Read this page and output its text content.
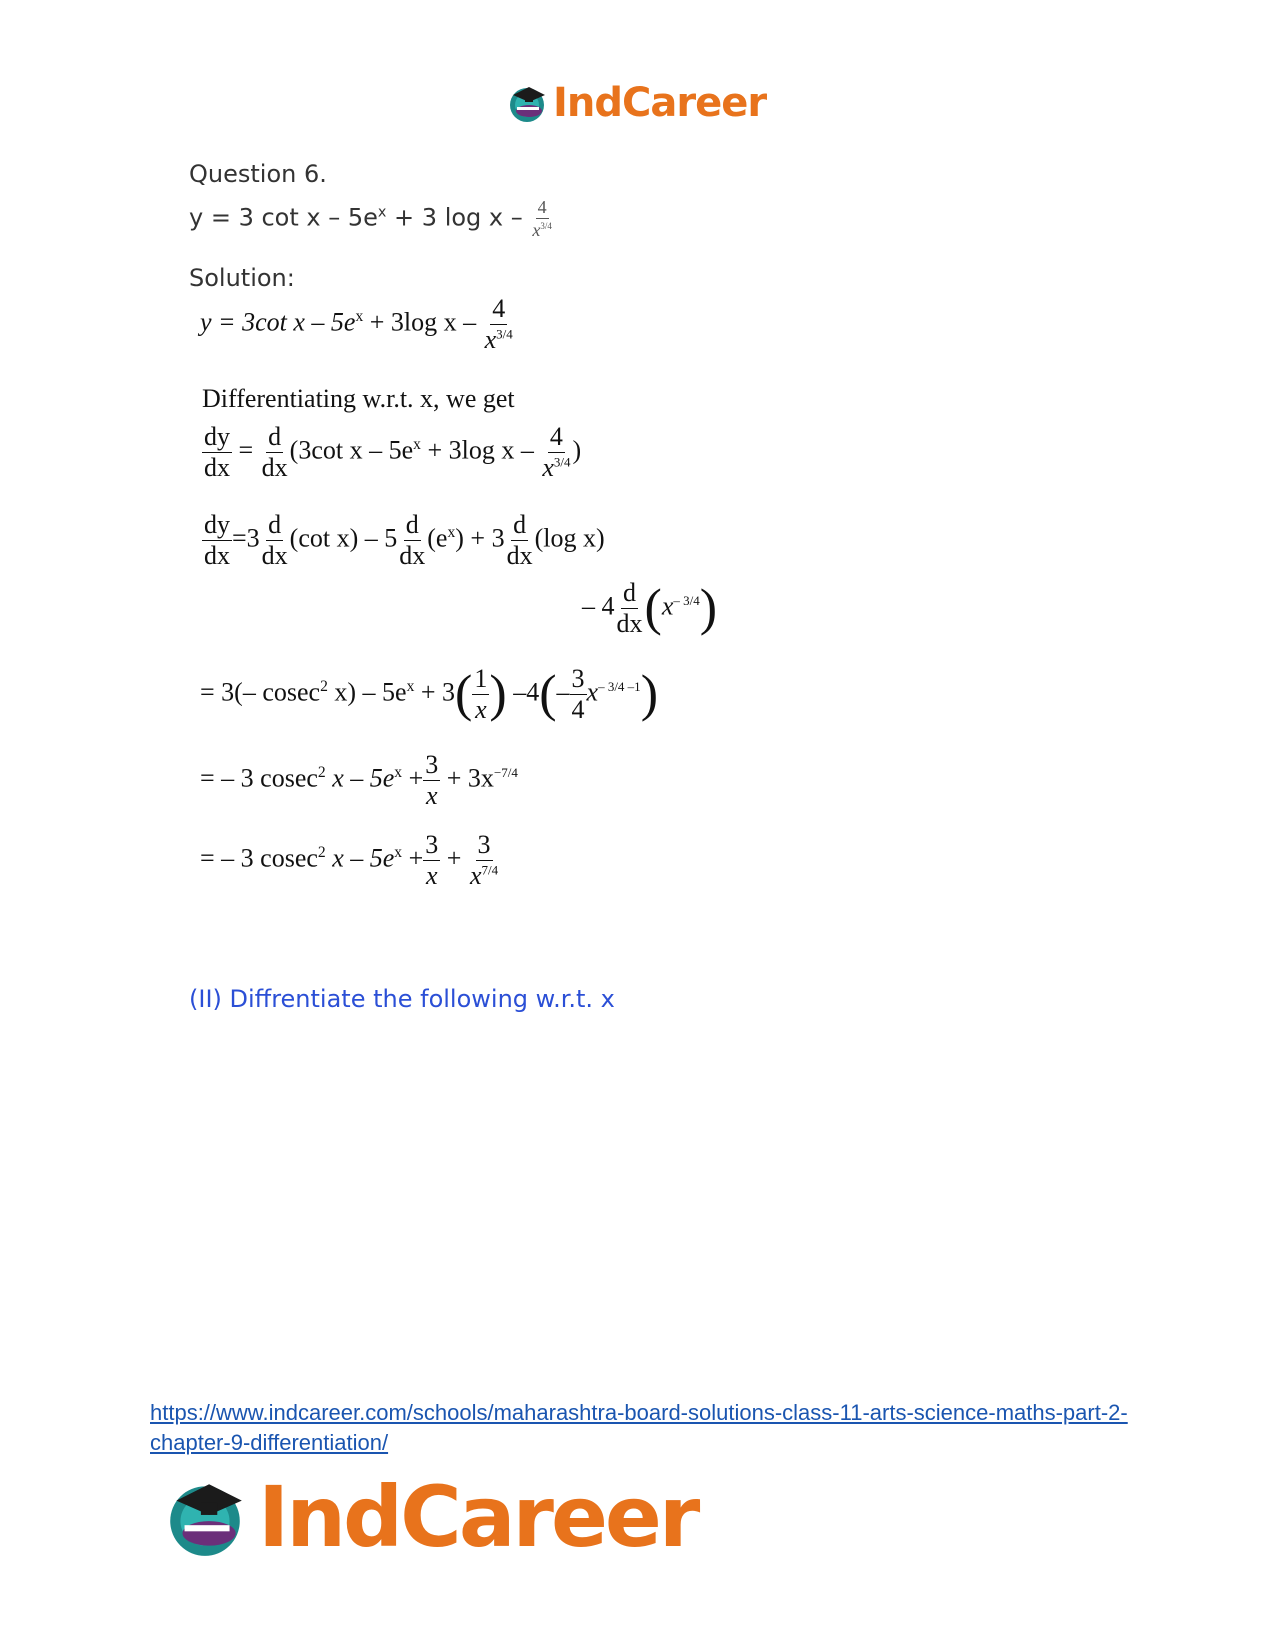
IndCareer
Question 6.
y = 3 $\cot x - 5e^x + 3$ log x – $\frac{4}{x^{3/4}}$
Solution:
y = 3cot $x - 5e^x + 3\log$ x – $\frac{4}{x^{3/4}}$
Differentiating w.r.t. x, we get
$\frac{dy}{dx} = \frac{d}{dx} (3\cot$ $x - 5e^x + 3\log$ x – $\frac{4}{x^{3/4}}$ )
$\frac{dy}{dx} =3 \frac{d}{dx} (\cot$ $x) - 5 \frac{d}{dx} (e^x) + 3 \frac{d}{dx} (\log$ x)
– $4 \frac{d}{dx} (x^{- 3/4})$
= 3(– cosec$^2$ $x) - 5e^x + 3( \frac{1}{x}$ ) $-4(- \frac{3}{4} x^{- 3/4 -1})$
= – 3 cosec$^2$ $x - 5e^x + \frac{3}{x} + 3x^{-7/4}$
= – 3 cosec$^2$ $x - 5e^x + \frac{3}{x} + \frac{3}{x^{7/4}}$
(II) Diffrentiate the following w.r.t. x
https://www.indcareer.com/schools/maharashtra-board-solutions-class-11-arts-science-maths-part-2-chapter-9-differentiation/
IndCareer
